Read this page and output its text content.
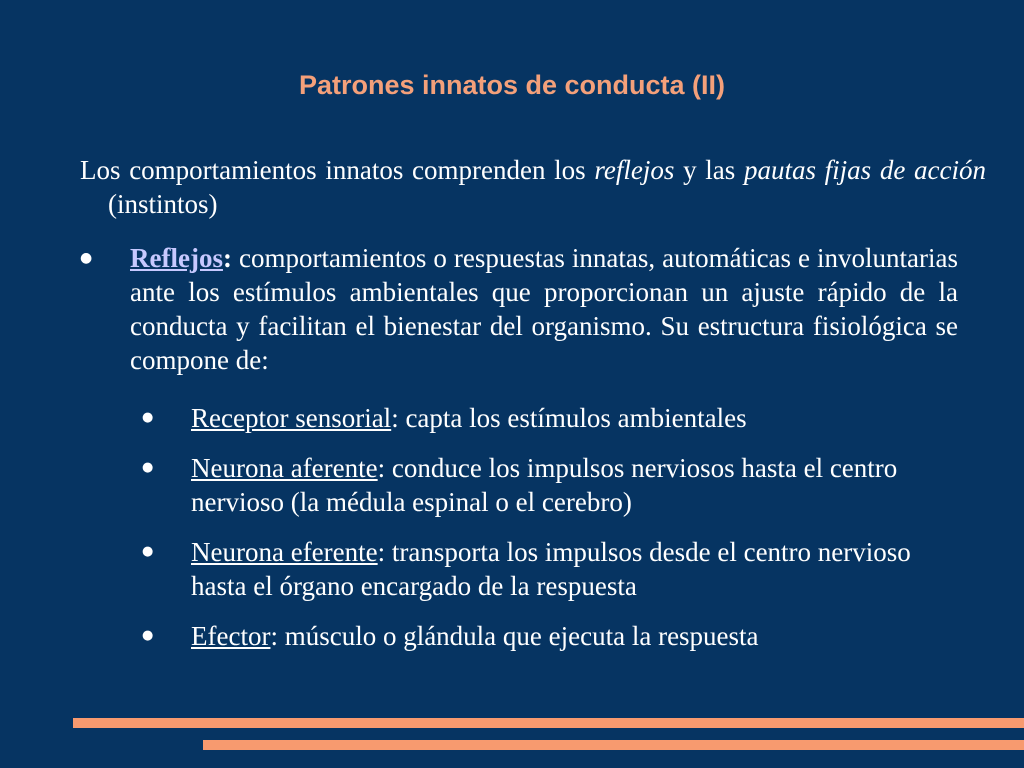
Patrones innatos de conducta (II)
Los comportamientos innatos comprenden los reflejos y las pautas fijas de acción (instintos)
● Reflejos: comportamientos o respuestas innatas, automáticas e involuntarias ante los estímulos ambientales que proporcionan un ajuste rápido de la conducta y facilitan el bienestar del organismo. Su estructura fisiológica se compone de:
● Receptor sensorial: capta los estímulos ambientales
● Neurona aferente: conduce los impulsos nerviosos hasta el centro nervioso (la médula espinal o el cerebro)
● Neurona eferente: transporta los impulsos desde el centro nervioso hasta el órgano encargado de la respuesta
● Efector: músculo o glándula que ejecuta la respuesta
